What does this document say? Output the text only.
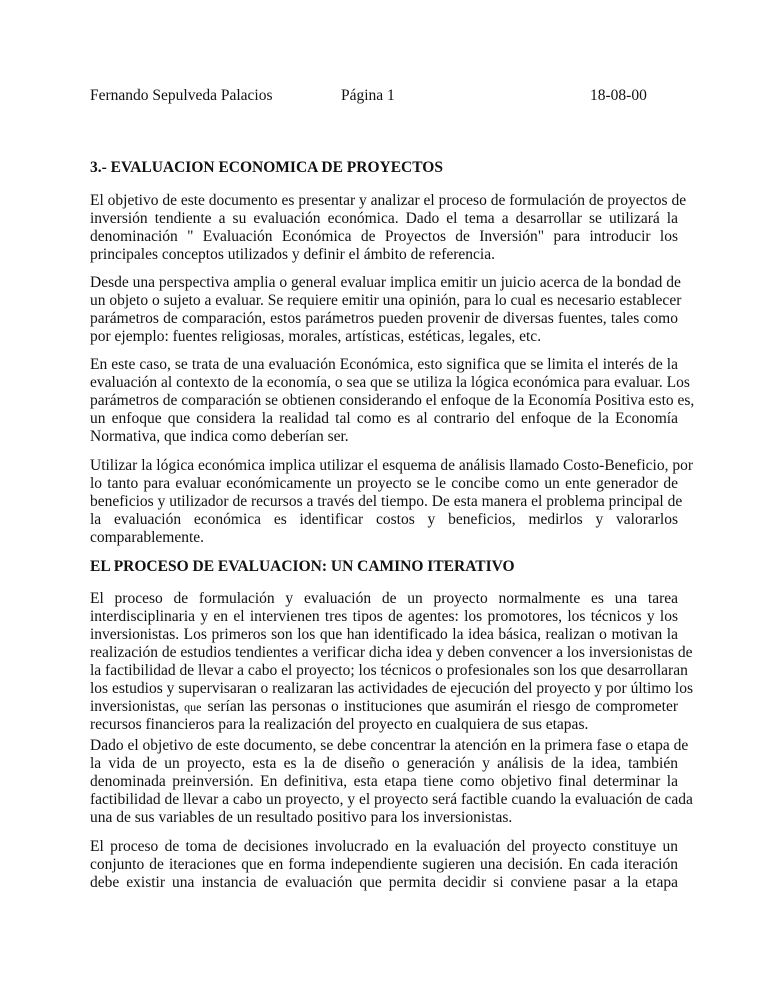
Fernando Sepulveda Palacios	Página 1	18-08-00
3.- EVALUACION ECONOMICA DE PROYECTOS
El objetivo de este documento es presentar y analizar el proceso de formulación de proyectos de
inversión tendiente a su evaluación económica. Dado el tema a desarrollar se utilizará la
denominación " Evaluación Económica de Proyectos de Inversión" para introducir los
principales conceptos utilizados y definir el ámbito de referencia.
Desde una perspectiva amplia o general evaluar implica emitir un juicio acerca de la bondad de
un objeto o sujeto a evaluar. Se requiere emitir una opinión, para lo cual es necesario establecer
parámetros de comparación, estos parámetros pueden provenir de diversas fuentes, tales como
por ejemplo: fuentes religiosas, morales, artísticas, estéticas, legales, etc.
En este caso, se trata de una evaluación Económica, esto significa que se limita el interés de la
evaluación al contexto de la economía, o sea que se utiliza la lógica económica para evaluar. Los
parámetros de comparación se obtienen considerando el enfoque de la Economía Positiva esto es,
un enfoque que considera la realidad tal como es al contrario del enfoque de la Economía
Normativa, que indica como deberían ser.
Utilizar la lógica económica implica utilizar el esquema de análisis llamado Costo-Beneficio, por
lo tanto para evaluar económicamente un proyecto se le concibe como un ente generador de
beneficios y utilizador de recursos a través del tiempo. De esta manera el problema principal de
la evaluación económica es identificar costos y beneficios, medirlos y valorarlos
comparablemente.
EL PROCESO DE EVALUACION: UN CAMINO ITERATIVO
El proceso de formulación y evaluación de un proyecto normalmente es una tarea
interdisciplinaria y en el intervienen tres tipos de agentes: los promotores, los técnicos y los
inversionistas. Los primeros son los que han identificado la idea básica, realizan o motivan la
realización de estudios tendientes a verificar dicha idea y deben convencer a los inversionistas de
la factibilidad de llevar a cabo el proyecto; los técnicos o profesionales son los que desarrollaran
los estudios y supervisaran o realizaran las actividades de ejecución del proyecto y por último los
inversionistas, que serían las personas o instituciones que asumirán el riesgo de comprometer
recursos financieros para la realización del proyecto en cualquiera de sus etapas.
Dado el objetivo de este documento, se debe concentrar la atención en la primera fase o etapa de
la vida de un proyecto, esta es la de diseño o generación y análisis de la idea, también
denominada preinversión. En definitiva, esta etapa tiene como objetivo final determinar la
factibilidad de llevar a cabo un proyecto, y el proyecto será factible cuando la evaluación de cada
una de sus variables de un resultado positivo para los inversionistas.
El proceso de toma de decisiones involucrado en la evaluación del proyecto constituye un
conjunto de iteraciones que en forma independiente sugieren una decisión. En cada iteración
debe existir una instancia de evaluación que permita decidir si conviene pasar a la etapa
